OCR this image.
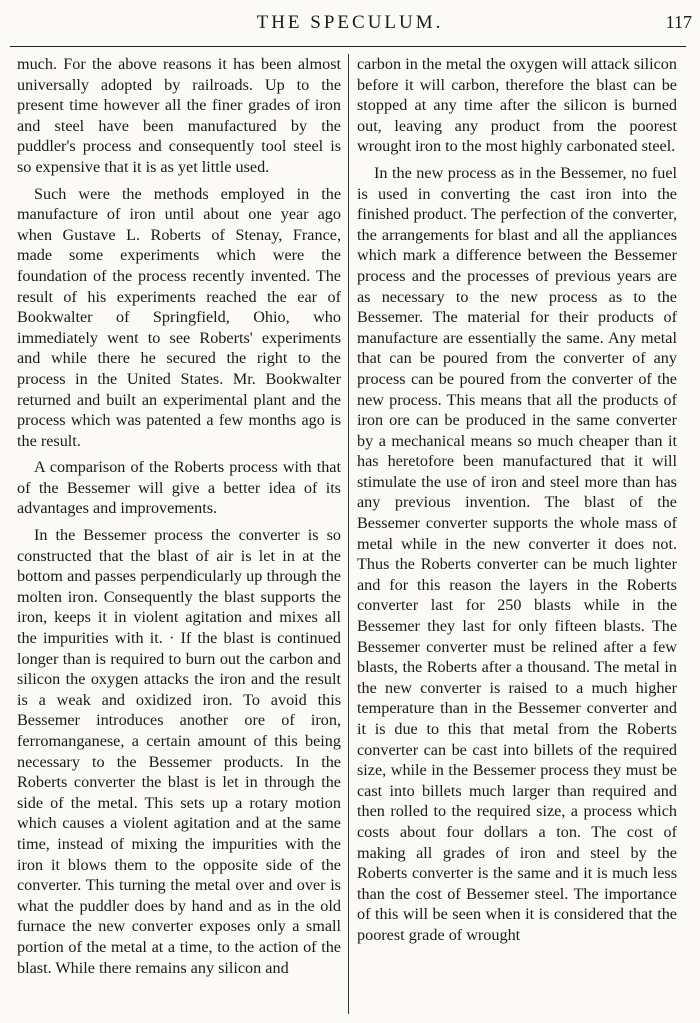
THE SPECULUM.	117

much. For the above reasons it has been almost universally adopted by railroads. Up to the present time however all the finer grades of iron and steel have been manufactured by the puddler's process and consequently tool steel is so expensive that it is as yet little used.

Such were the methods employed in the manufacture of iron until about one year ago when Gustave L. Roberts of Stenay, France, made some experiments which were the foundation of the process recently invented. The result of his experiments reached the ear of Bookwalter of Springfield, Ohio, who immediately went to see Roberts' experiments and while there he secured the right to the process in the United States. Mr. Bookwalter returned and built an experimental plant and the process which was patented a few months ago is the result.

A comparison of the Roberts process with that of the Bessemer will give a better idea of its advantages and improvements.

In the Bessemer process the converter is so constructed that the blast of air is let in at the bottom and passes perpendicularly up through the molten iron. Consequently the blast supports the iron, keeps it in violent agitation and mixes all the impurities with it. · If the blast is continued longer than is required to burn out the carbon and silicon the oxygen attacks the iron and the result is a weak and oxidized iron. To avoid this Bessemer introduces another ore of iron, ferromanganese, a certain amount of this being necessary to the Bessemer products. In the Roberts converter the blast is let in through the side of the metal. This sets up a rotary motion which causes a violent agitation and at the same time, instead of mixing the impurities with the iron it blows them to the opposite side of the converter. This turning the metal over and over is what the puddler does by hand and as in the old furnace the new converter exposes only a small portion of the metal at a time, to the action of the blast. While there remains any silicon and

carbon in the metal the oxygen will attack silicon before it will carbon, therefore the blast can be stopped at any time after the silicon is burned out, leaving any product from the poorest wrought iron to the most highly carbonated steel.

In the new process as in the Bessemer, no fuel is used in converting the cast iron into the finished product. The perfection of the converter, the arrangements for blast and all the appliances which mark a difference between the Bessemer process and the processes of previous years are as necessary to the new process as to the Bessemer. The material for their products of manufacture are essentially the same. Any metal that can be poured from the converter of any process can be poured from the converter of the new process. This means that all the products of iron ore can be produced in the same converter by a mechanical means so much cheaper than it has heretofore been manufactured that it will stimulate the use of iron and steel more than has any previous invention. The blast of the Bessemer converter supports the whole mass of metal while in the new converter it does not. Thus the Roberts converter can be much lighter and for this reason the layers in the Roberts converter last for 250 blasts while in the Bessemer they last for only fifteen blasts. The Bessemer converter must be relined after a few blasts, the Roberts after a thousand. The metal in the new converter is raised to a much higher temperature than in the Bessemer converter and it is due to this that metal from the Roberts converter can be cast into billets of the required size, while in the Bessemer process they must be cast into billets much larger than required and then rolled to the required size, a process which costs about four dollars a ton. The cost of making all grades of iron and steel by the Roberts converter is the same and it is much less than the cost of Bessemer steel. The importance of this will be seen when it is considered that the poorest grade of wrought
